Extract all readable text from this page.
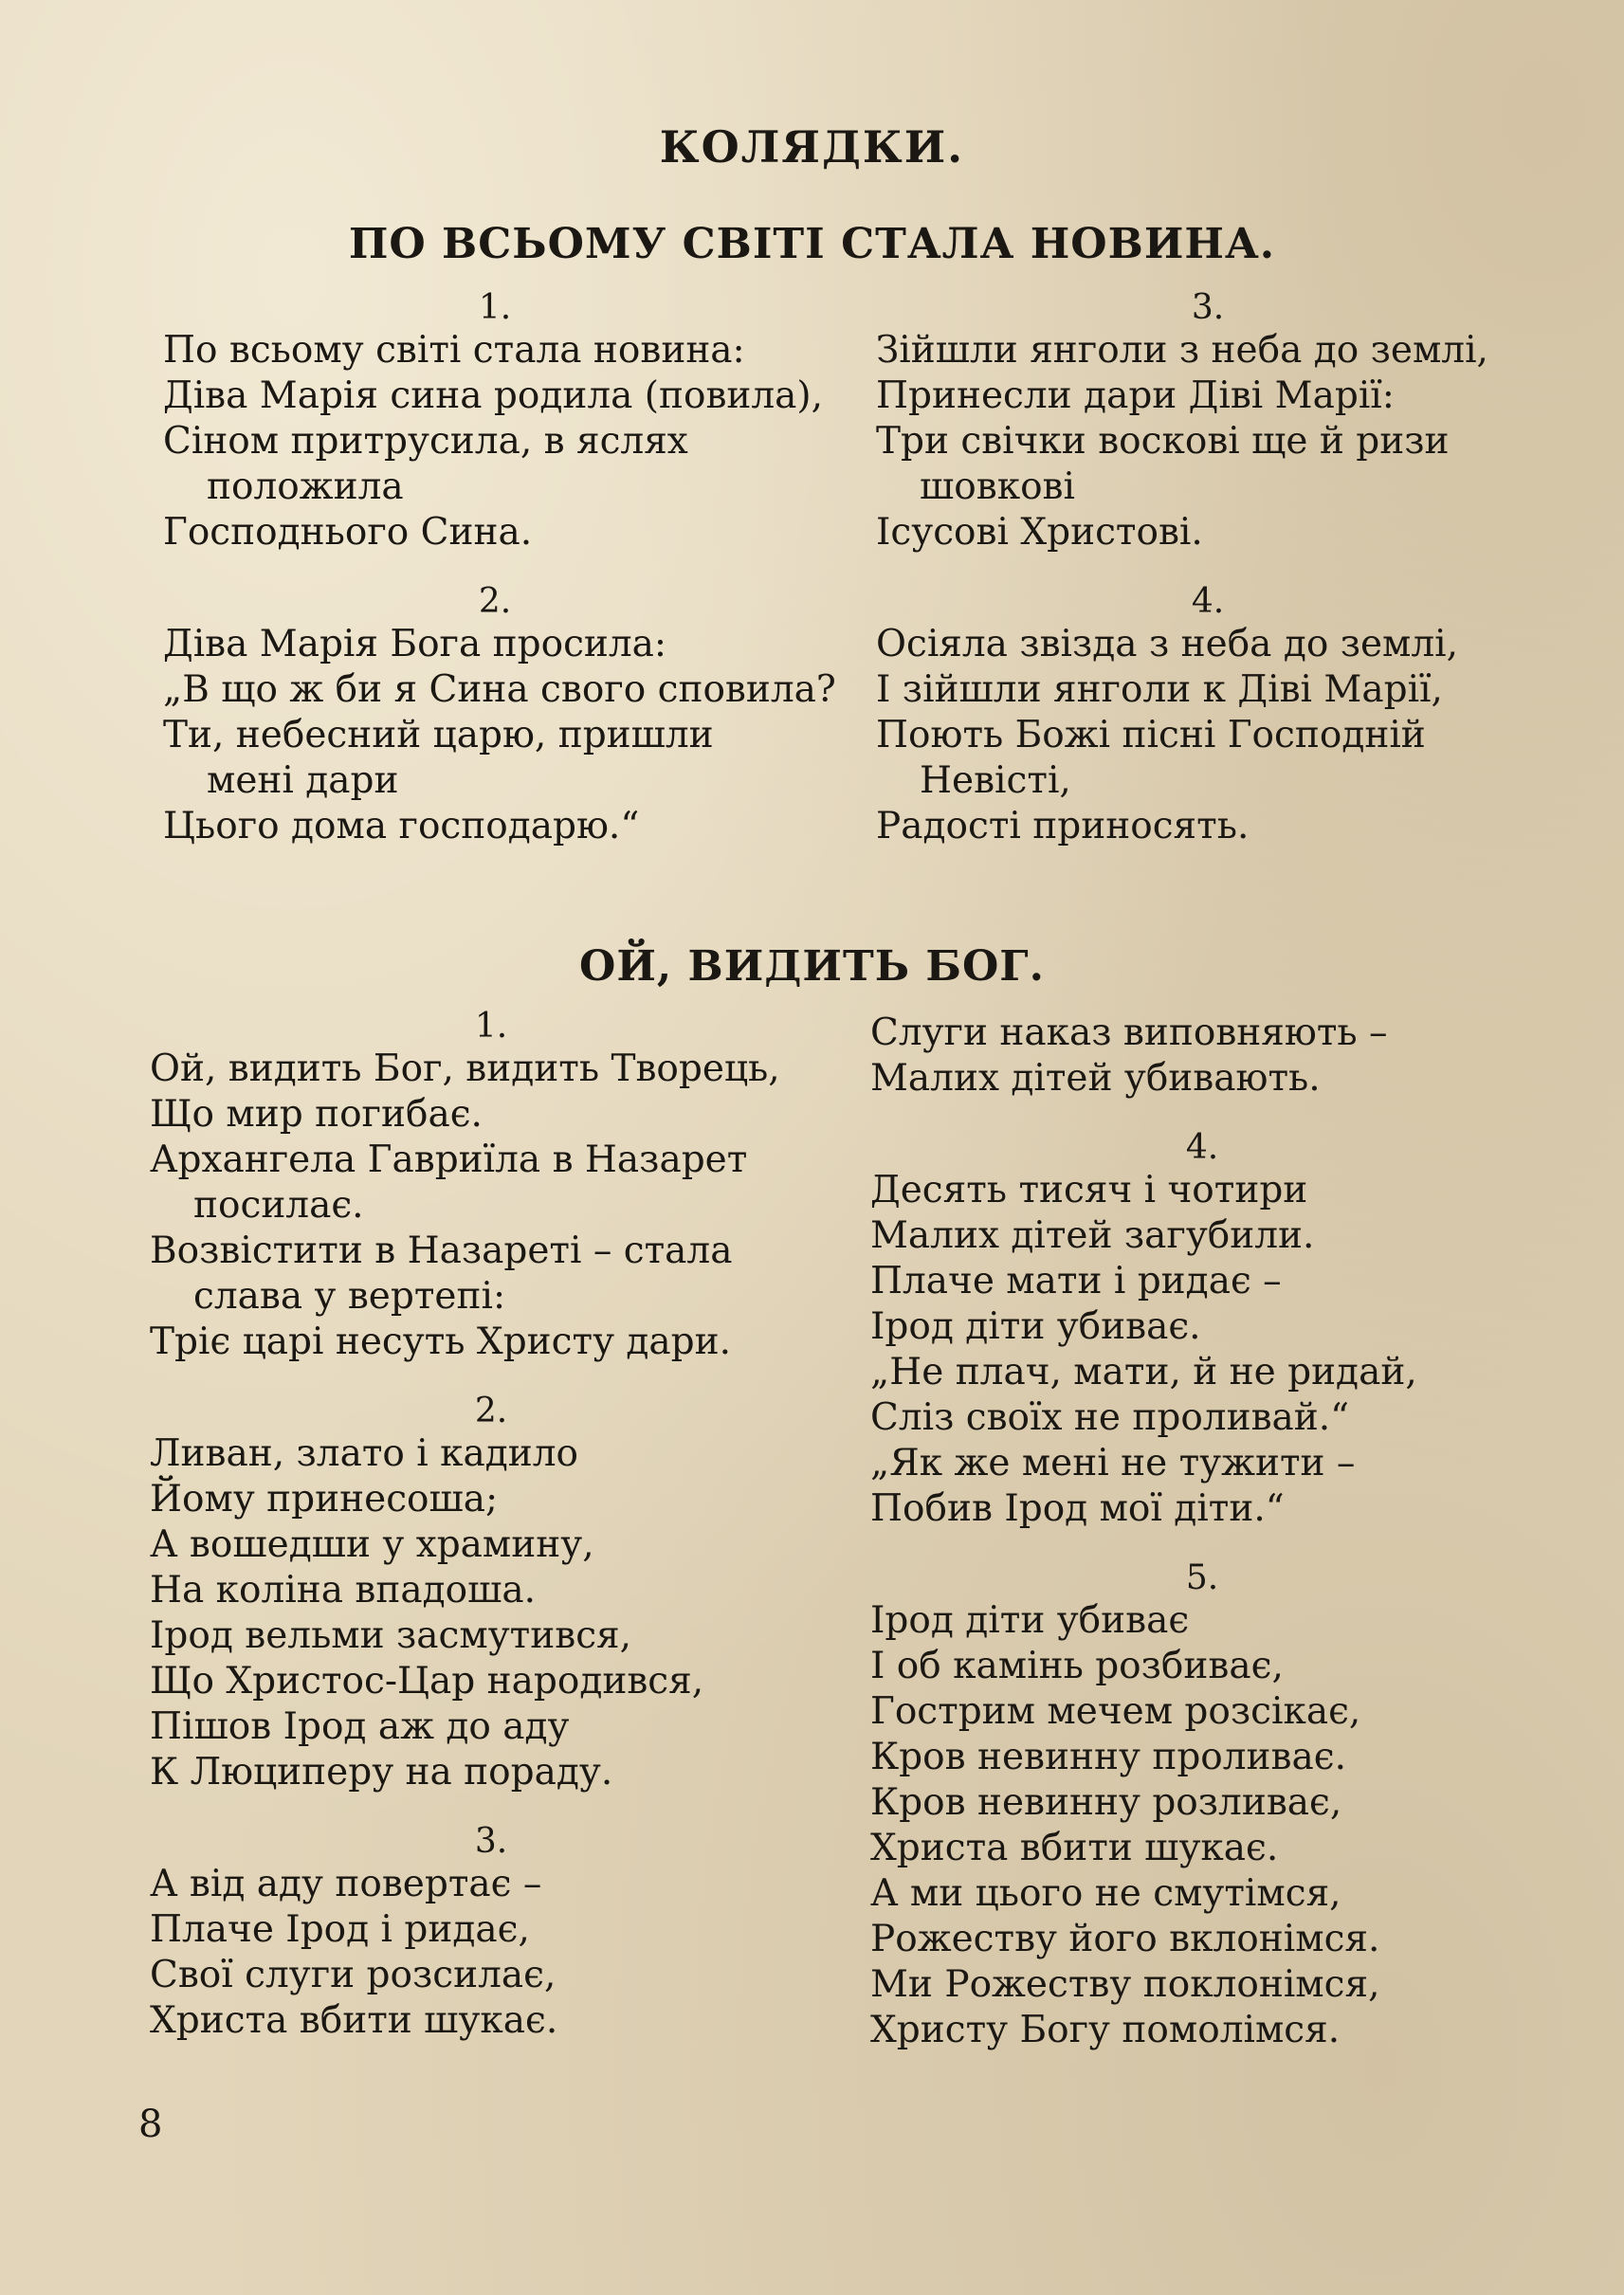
КОЛЯДКИ.
ПО ВСЬОМУ СВІТІ СТАЛА НОВИНА.
1.
По всьому світі стала новина:
Діва Марія сина родила (повила),
Сіном притрусила, в яслях
положила
Господнього Сина.
2.
Діва Марія Бога просила:
„В що ж би я Сина свого сповила?
Ти, небесний царю, пришли
мені дари
Цього дома господарю.“
3.
Зійшли янголи з неба до землі,
Принесли дари Діві Марії:
Три свічки воскові ще й ризи
шовкові
Ісусові Христові.
4.
Осіяла звізда з неба до землі,
І зійшли янголи к Діві Марії,
Поють Божі пісні Господній
Невісті,
Радості приносять.
ОЙ, ВИДИТЬ БОГ.
1.
Ой, видить Бог, видить Творець,
Що мир погибає.
Архангела Гавриїла в Назарет
посилає.
Возвістити в Назареті – стала
слава у вертепі:
Тріє царі несуть Христу дари.
2.
Ливан, злато і кадило
Йому принесоша;
А вошедши у храмину,
На коліна впадоша.
Ірод вельми засмутився,
Що Христос-Цар народився,
Пішов Ірод аж до аду
К Люциперу на пораду.
3.
А від аду повертає –
Плаче Ірод і ридає,
Свої слуги розсилає,
Христа вбити шукає.
Слуги наказ виповняють –
Малих дітей убивають.
4.
Десять тисяч і чотири
Малих дітей загубили.
Плаче мати і ридає –
Ірод діти убиває.
„Не плач, мати, й не ридай,
Сліз своїх не проливай.“
„Як же мені не тужити –
Побив Ірод мої діти.“
5.
Ірод діти убиває
І об камінь розбиває,
Гострим мечем розсікає,
Кров невинну проливає.
Кров невинну розливає,
Христа вбити шукає.
А ми цього не смутімся,
Рожеству його вклонімся.
Ми Рожеству поклонімся,
Христу Богу помолімся.
8
